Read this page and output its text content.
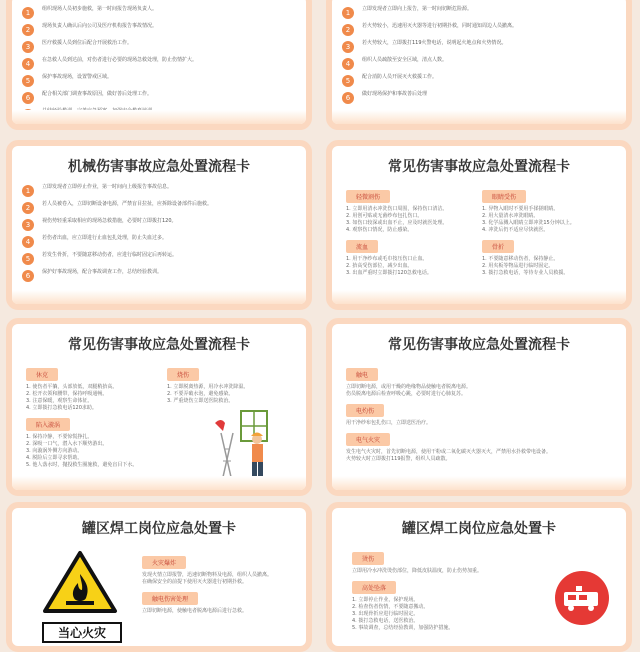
1	组织现场人员初步施救，第一时间报告现场负责人。
2	现场负责人确认后向公司及医疗机构报告事故情况。
3	医疗救援人员到位后配合开展救治工作。
4	在急救人员到达前，对伤者进行必要的现场急救处理，防止伤情扩大。
5	保护事故现场，设置警戒区域。
6	配合相关部门调查事故原因，做好善后处理工作。
1	立即发现者立即向上报告，第一时间切断危险源。
2	若火势较小，迅速用灭火器等进行初期扑救，同时通知周边人员撤离。
3	若火势较大，立即拨打119火警电话，说明起火地点和火势情况。
4	组织人员疏散至安全区域，清点人数。
5	配合消防人员开展灭火救援工作。
6	做好现场保护和事故善后处理
机械伤害事故应急处置流程卡
1	立即发现者立即停止作业，第一时间向上级报告事故信息。
2	若人员被卷入，立即切断设备电源，严禁盲目拉扯，应拆除设备部件后施救。
3	视伤势轻重采取相应的现场急救措施，必要时立即拨打120。
4	若伤者出血，应立即进行止血包扎处理，防止失血过多。
5	若发生骨折，不要随意移动伤者，应进行临时固定后再转运。
6	保护好事故现场，配合事故调查工作，总结经验教训。
常见伤害事故应急处置流程卡
轻微割伤
1. 立即用清水冲洗伤口周围，保持伤口清洁。
2. 用创可贴或无菌纱布包扎伤口。
3. 如伤口较深或出血不止，应及时就医处理。
4. 观察伤口情况，防止感染。
流血
1. 用干净纱布或毛巾按压伤口止血。
2. 抬高受伤部位，减少出血。
3. 出血严重时立即拨打120急救电话。
眼睛受伤
1. 异物入眼时不要用手揉搓眼睛。
2. 用大量清水冲洗眼睛。
3. 化学品溅入眼睛立即冲洗15分钟以上。
4. 冲洗后仍不适应尽快就医。
骨折
1. 不要随意移动伤者，保持静止。
2. 用夹板等物品进行临时固定。
3. 拨打急救电话，等待专业人员救援。
常见伤害事故应急处置流程卡
休克
1. 使伤者平躺，头部放低，双腿稍抬高。
2. 松开衣领和腰带，保持呼吸通畅。
3. 注意保暖，观察生命体征。
4. 立即拨打急救电话120求助。
陷入漩涡
1. 保持冷静，不要惊慌挣扎。
2. 深吸一口气，潜入水下顺势游出。
3. 向漩涡外侧方向游动。
4. 脱险后立即寻求帮助。
5. 他人落水时，抛投救生圈施救，避免盲目下水。
烧伤
1. 立即脱离热源，用冷水冲洗降温。
2. 不要弄破水泡，避免感染。
3. 严重烧伤立即送医院救治。
常见伤害事故应急处置流程卡
触电
立即切断电源，或用干燥的绝缘物品使触电者脱离电源。
伤员脱离电源后检查呼吸心跳，必要时进行心肺复苏。
电灼伤
用干净纱布包扎伤口，立即送医治疗。
电气火灾
发生电气火灾时，首先切断电源，使用干粉或二氧化碳灭火器灭火，严禁用水扑救带电设备。
火势较大时立即拨打119报警，组织人员疏散。
罐区焊工岗位应急处置卡
当心火灾
火灾爆炸
发现火情立即报警，迅速切断物料及电源，组织人员撤离。
在确保安全的前提下使用灭火器进行初期扑救。
触电伤害处理
立即切断电源，使触电者脱离电源后进行急救。
罐区焊工岗位应急处置卡
烫伤
立即用冷水冲洗烫伤部位，降低皮肤温度，防止伤势加重。
高处坠落
1. 立即停止作业，保护现场。
2. 检查伤者伤情，不要随意搬动。
3. 出现骨折应进行临时固定。
4. 拨打急救电话，送医救治。
5. 事故调查，总结经验教训，加强防护措施。
